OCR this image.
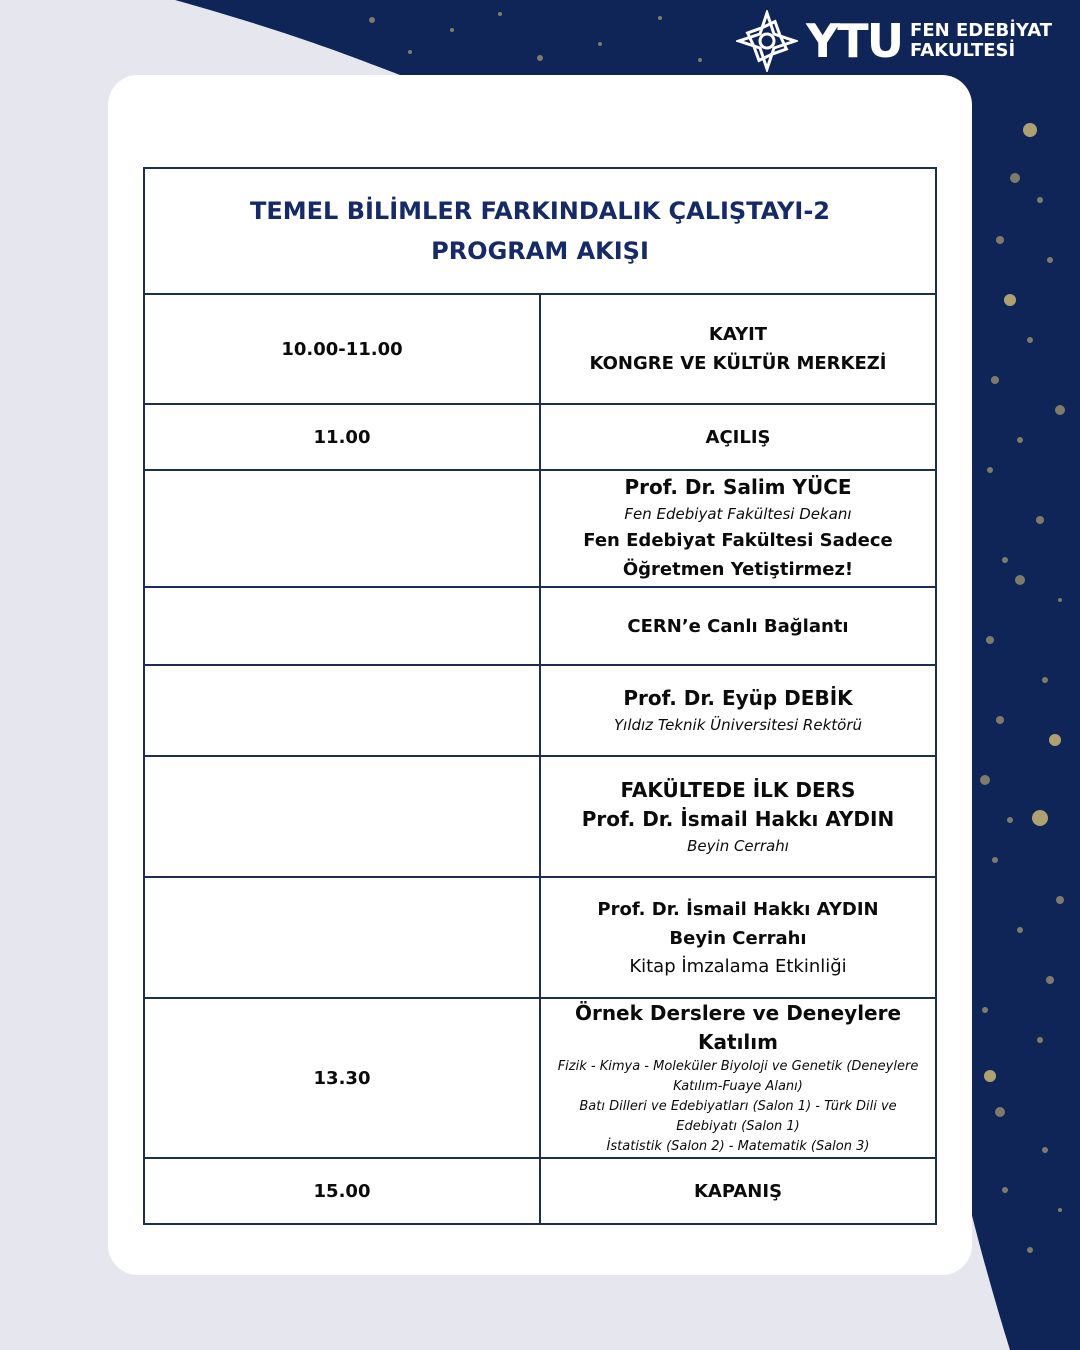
YTU FEN EDEBİYAT
FAKULTESİ
TEMEL BİLİMLER FARKINDALIK ÇALIŞTAYI-2
PROGRAM AKIŞI	

10.00-11.00	KAYIT
KONGRE VE KÜLTÜR MERKEZİ

11.00	AÇILIŞ

	Prof. Dr. Salim YÜCE
Fen Edebiyat Fakültesi Dekanı
Fen Edebiyat Fakültesi Sadece Öğretmen Yetiştirmez!

	CERN’e Canlı Bağlantı

	Prof. Dr. Eyüp DEBİK
Yıldız Teknik Üniversitesi Rektörü

	FAKÜLTEDE İLK DERS
Prof. Dr. İsmail Hakkı AYDIN
Beyin Cerrahı

	Prof. Dr. İsmail Hakkı AYDIN
Beyin Cerrahı
Kitap İmzalama Etkinliği

13.30	Örnek Derslere ve Deneylere Katılım
Fizik - Kimya - Moleküler Biyoloji ve Genetik (Deneylere Katılım-Fuaye Alanı)
Batı Dilleri ve Edebiyatları (Salon 1) - Türk Dili ve Edebiyatı (Salon 1)
İstatistik (Salon 2) - Matematik (Salon 3)

15.00	KAPANIŞ
